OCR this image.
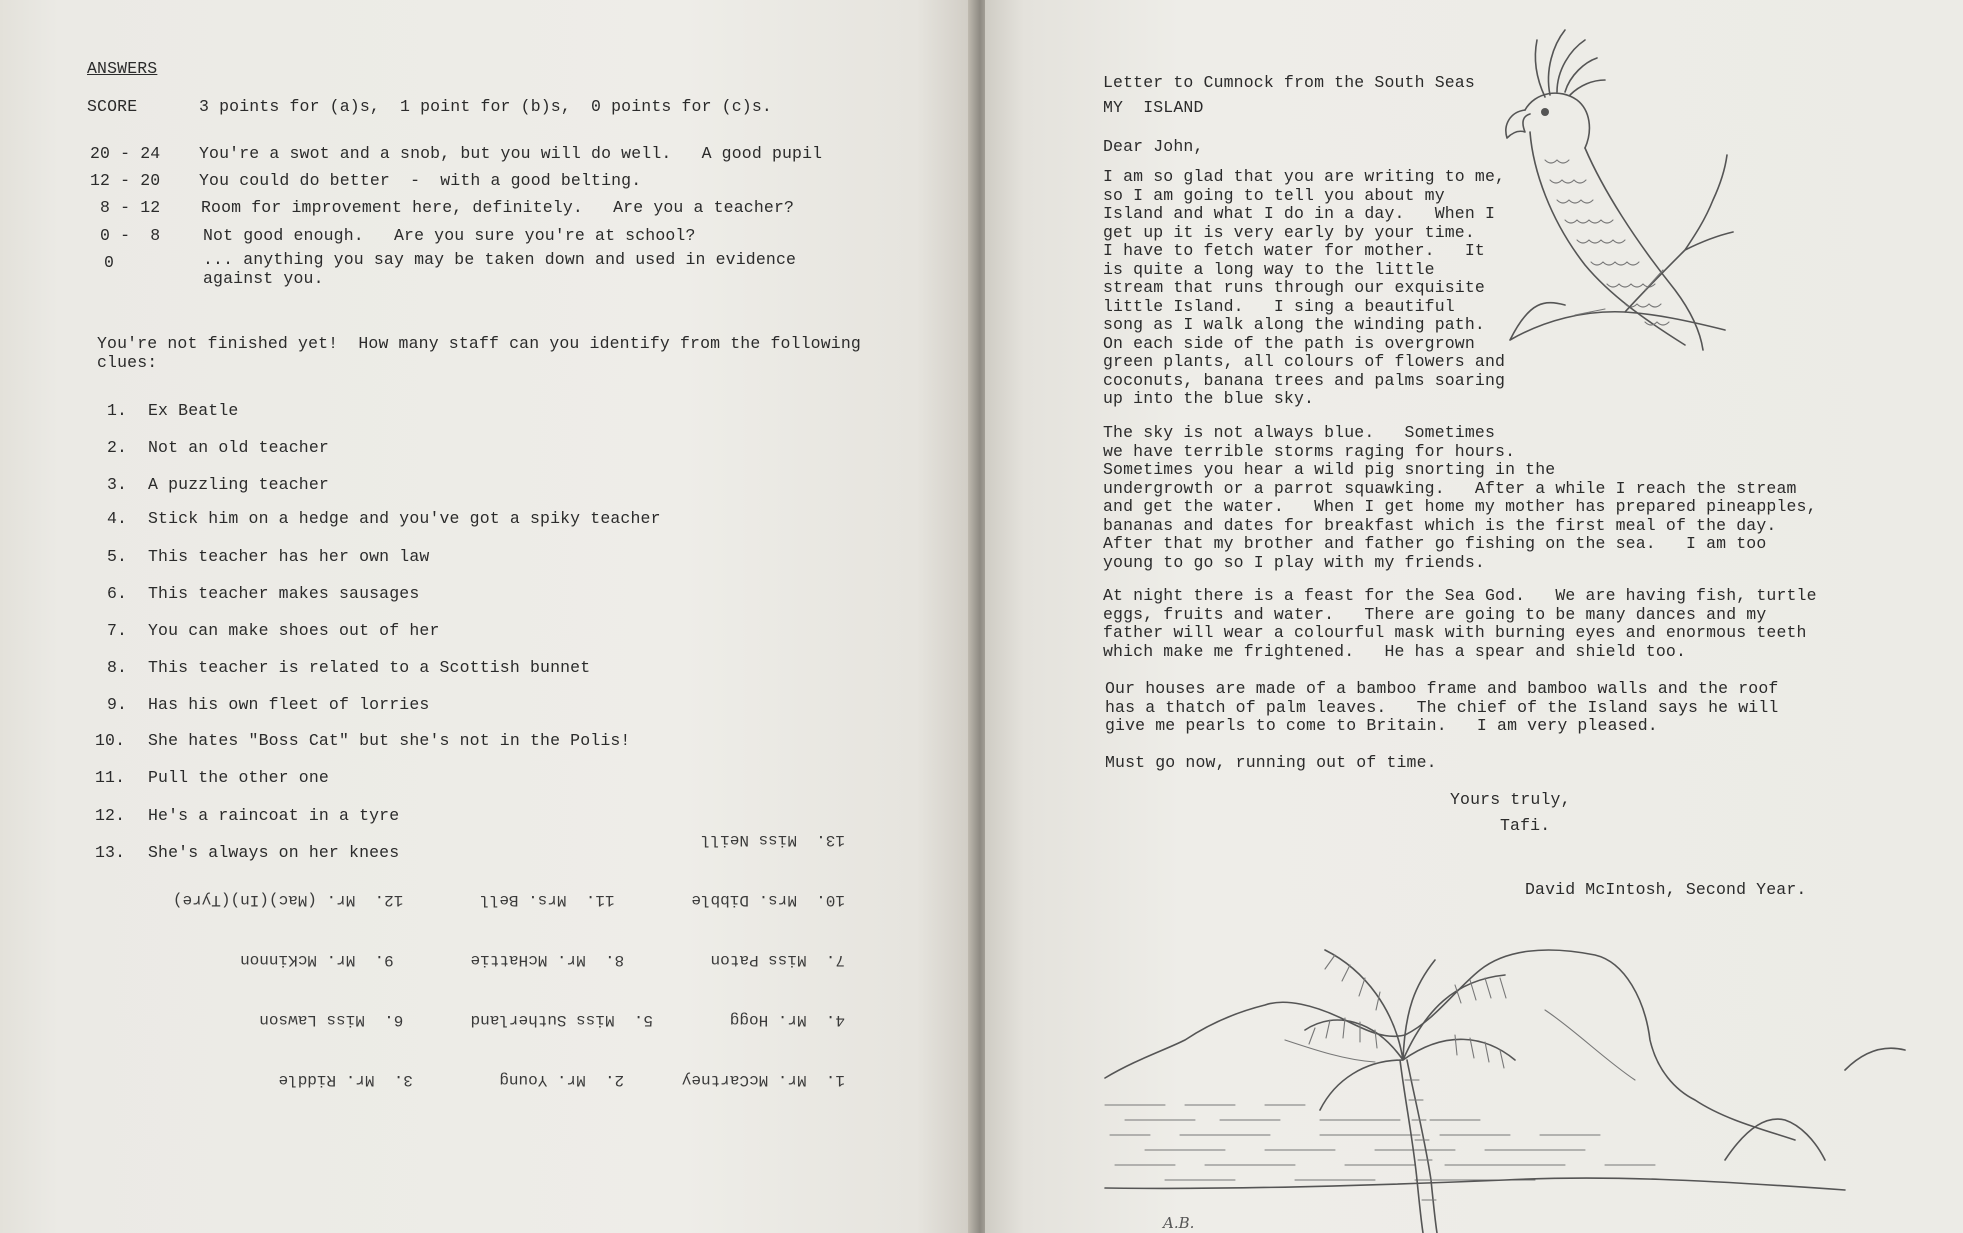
ANSWERS
SCORE	3 points for (a)s,  1 point for (b)s,  0 points for (c)s.
20 - 24 You're a swot and a snob, but you will do well.   A good pupil
12 - 20 You could do better  -  with a good belting.
8 - 12 Room for improvement here, definitely.   Are you a teacher?
0 -  8	Not good enough.   Are you sure you're at school?
0	... anything you say may be taken down and used in evidence
against you.
You're not finished yet!  How many staff can you identify from the following
clues:
1. Ex Beatle
2. Not an old teacher
3. A puzzling teacher
4. Stick him on a hedge and you've got a spiky teacher
5. This teacher has her own law
6. This teacher makes sausages
7. You can make shoes out of her
8. This teacher is related to a Scottish bunnet
9. Has his own fleet of lorries
10. She hates "Boss Cat" but she's not in the Polis!
11. Pull the other one
12. He's a raincoat in a tyre
13. She's always on her knees

1.  Mr. McCartney      2.  Mr. Young         3.  Mr. Riddle

4.  Mr. Hogg        5.  Miss Sutherland       6.  Miss Lawson

7.  Miss Paton         8.  Mr. McHattie        9.  Mr. McKinnon

10.  Mrs. Dibble        11.  Mrs. Bell        12.  Mr. (Mac)(In)(Tyre)

13.  Miss Neill

Letter to Cumnock from the South Seas
MY  ISLAND
Dear John,
I am so glad that you are writing to me,
so I am going to tell you about my
Island and what I do in a day.   When I
get up it is very early by your time.
I have to fetch water for mother.   It
is quite a long way to the little
stream that runs through our exquisite
little Island.   I sing a beautiful
song as I walk along the winding path.
On each side of the path is overgrown
green plants, all colours of flowers and
coconuts, banana trees and palms soaring
up into the blue sky.
The sky is not always blue.   Sometimes
we have terrible storms raging for hours.
Sometimes you hear a wild pig snorting in the
undergrowth or a parrot squawking.   After a while I reach the stream
and get the water.   When I get home my mother has prepared pineapples,
bananas and dates for breakfast which is the first meal of the day.
After that my brother and father go fishing on the sea.   I am too
young to go so I play with my friends.
At night there is a feast for the Sea God.   We are having fish, turtle
eggs, fruits and water.   There are going to be many dances and my
father will wear a colourful mask with burning eyes and enormous teeth
which make me frightened.   He has a spear and shield too.
Our houses are made of a bamboo frame and bamboo walls and the roof
has a thatch of palm leaves.   The chief of the Island says he will
give me pearls to come to Britain.   I am very pleased.
Must go now, running out of time.
Yours truly,
Tafi.
David McIntosh, Second Year.
A.B.
